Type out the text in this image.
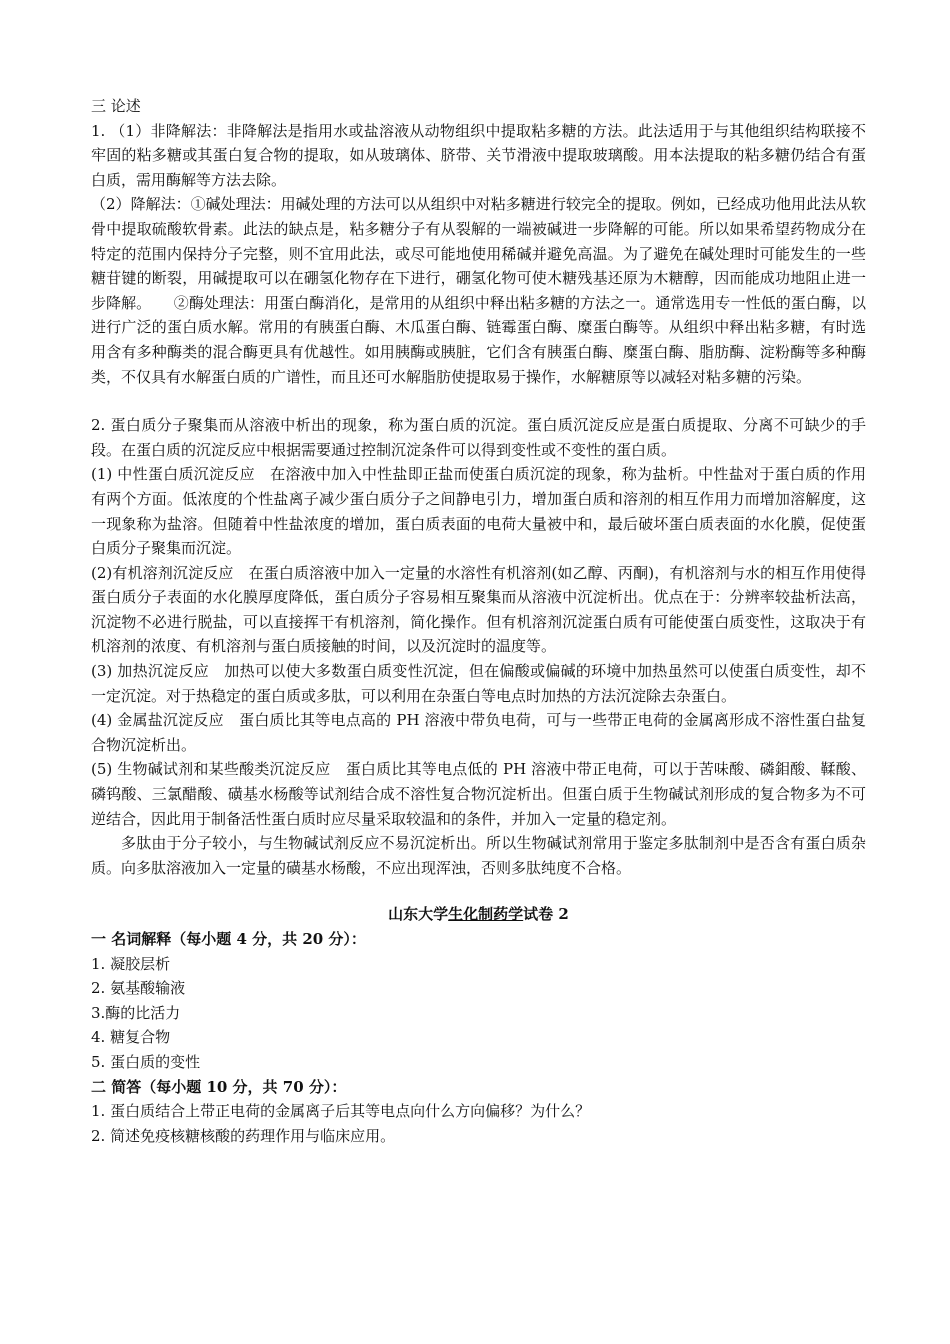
三 论述

1. （1）非降解法：非降解法是指用水或盐溶液从动物组织中提取粘多糖的方法。此法适用于与其他组织结构联接不牢固的粘多糖或其蛋白复合物的提取，如从玻璃体、脐带、关节滑液中提取玻璃酸。用本法提取的粘多糖仍结合有蛋白质，需用酶解等方法去除。

（2）降解法：①碱处理法：用碱处理的方法可以从组织中对粘多糖进行较完全的提取。例如，已经成功他用此法从软骨中提取硫酸软骨素。此法的缺点是，粘多糖分子有从裂解的一端被碱进一步降解的可能。所以如果希望药物成分在特定的范围内保持分子完整，则不宜用此法，或尽可能地使用稀碱并避免高温。为了避免在碱处理时可能发生的一些糖苷键的断裂，用碱提取可以在硼氢化物存在下进行，硼氢化物可使木糖残基还原为木糖醇，因而能成功地阻止进一步降解。　　②酶处理法：用蛋白酶消化，是常用的从组织中释出粘多糖的方法之一。通常选用专一性低的蛋白酶，以进行广泛的蛋白质水解。常用的有胰蛋白酶、木瓜蛋白酶、链霉蛋白酶、糜蛋白酶等。从组织中释出粘多糖，有时选用含有多种酶类的混合酶更具有优越性。如用胰酶或胰脏，它们含有胰蛋白酶、糜蛋白酶、脂肪酶、淀粉酶等多种酶类，不仅具有水解蛋白质的广谱性，而且还可水解脂肪使提取易于操作，水解糖原等以减轻对粘多糖的污染。

2. 蛋白质分子聚集而从溶液中析出的现象，称为蛋白质的沉淀。蛋白质沉淀反应是蛋白质提取、分离不可缺少的手段。在蛋白质的沉淀反应中根据需要通过控制沉淀条件可以得到变性或不变性的蛋白质。

(1) 中性蛋白质沉淀反应　在溶液中加入中性盐即正盐而使蛋白质沉淀的现象，称为盐析。中性盐对于蛋白质的作用有两个方面。低浓度的个性盐离子减少蛋白质分子之间静电引力，增加蛋白质和溶剂的相互作用力而增加溶解度，这一现象称为盐溶。但随着中性盐浓度的增加，蛋白质表面的电荷大量被中和，最后破坏蛋白质表面的水化膜，促使蛋白质分子聚集而沉淀。

(2)有机溶剂沉淀反应　在蛋白质溶液中加入一定量的水溶性有机溶剂(如乙醇、丙酮)，有机溶剂与水的相互作用使得蛋白质分子表面的水化膜厚度降低，蛋白质分子容易相互聚集而从溶液中沉淀析出。优点在于：分辨率较盐析法高，沉淀物不必进行脱盐，可以直接挥干有机溶剂，简化操作。但有机溶剂沉淀蛋白质有可能使蛋白质变性，这取决于有机溶剂的浓度、有机溶剂与蛋白质接触的时间，以及沉淀时的温度等。

(3) 加热沉淀反应　加热可以使大多数蛋白质变性沉淀，但在偏酸或偏碱的环境中加热虽然可以使蛋白质变性，却不一定沉淀。对于热稳定的蛋白质或多肽，可以利用在杂蛋白等电点时加热的方法沉淀除去杂蛋白。

(4) 金属盐沉淀反应　蛋白质比其等电点高的 PH 溶液中带负电荷，可与一些带正电荷的金属离形成不溶性蛋白盐复合物沉淀析出。

(5) 生物碱试剂和某些酸类沉淀反应　蛋白质比其等电点低的 PH 溶液中带正电荷，可以于苦味酸、磷鉬酸、鞣酸、磷钨酸、三氯醋酸、磺基水杨酸等试剂结合成不溶性复合物沉淀析出。但蛋白质于生物碱试剂形成的复合物多为不可逆结合，因此用于制备活性蛋白质时应尽量采取较温和的条件，并加入一定量的稳定剂。

多肽由于分子较小，与生物碱试剂反应不易沉淀析出。所以生物碱试剂常用于鉴定多肽制剂中是否含有蛋白质杂质。向多肽溶液加入一定量的磺基水杨酸，不应出现浑浊，否则多肽纯度不合格。

山东大学生化制药学试卷 2

一 名词解释（每小题 4 分，共 20 分）：

1. 凝胶层析

2. 氨基酸输液

3.酶的比活力

4. 糖复合物

5. 蛋白质的变性

二 简答（每小题 10 分，共 70 分）：

1. 蛋白质结合上带正电荷的金属离子后其等电点向什么方向偏移？为什么？

2. 简述免疫核糖核酸的药理作用与临床应用。
